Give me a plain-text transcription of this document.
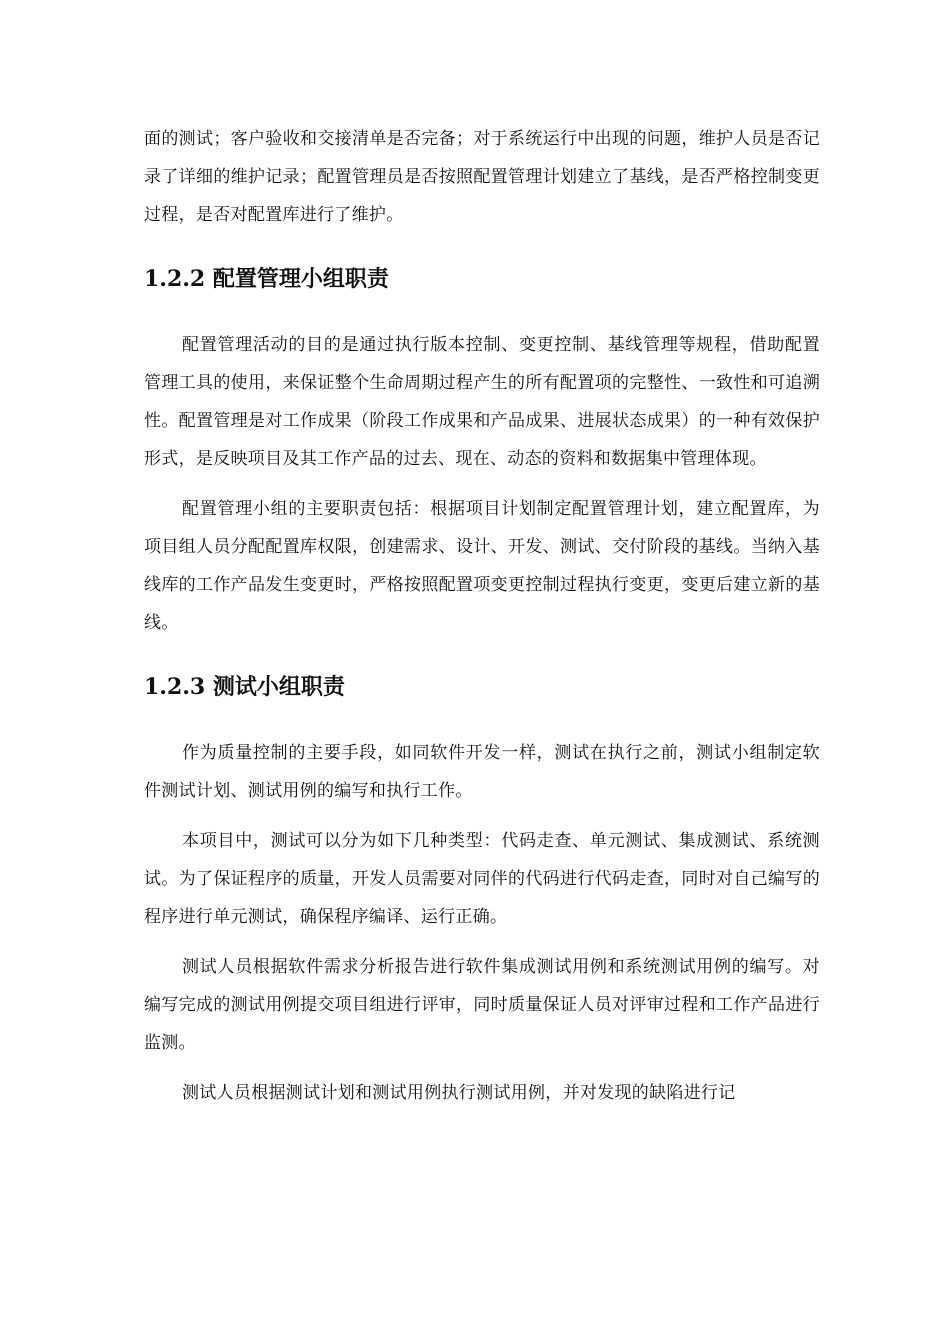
面的测试；客户验收和交接清单是否完备；对于系统运行中出现的问题，维护人员是否记录了详细的维护记录；配置管理员是否按照配置管理计划建立了基线，是否严格控制变更过程，是否对配置库进行了维护。

1.2.2 配置管理小组职责

配置管理活动的目的是通过执行版本控制、变更控制、基线管理等规程，借助配置管理工具的使用，来保证整个生命周期过程产生的所有配置项的完整性、一致性和可追溯性。配置管理是对工作成果（阶段工作成果和产品成果、进展状态成果）的一种有效保护形式，是反映项目及其工作产品的过去、现在、动态的资料和数据集中管理体现。

配置管理小组的主要职责包括：根据项目计划制定配置管理计划，建立配置库，为项目组人员分配配置库权限，创建需求、设计、开发、测试、交付阶段的基线。当纳入基线库的工作产品发生变更时，严格按照配置项变更控制过程执行变更，变更后建立新的基线。

1.2.3 测试小组职责

作为质量控制的主要手段，如同软件开发一样，测试在执行之前，测试小组制定软件测试计划、测试用例的编写和执行工作。

本项目中，测试可以分为如下几种类型：代码走查、单元测试、集成测试、系统测试。为了保证程序的质量，开发人员需要对同伴的代码进行代码走查，同时对自己编写的程序进行单元测试，确保程序编译、运行正确。

测试人员根据软件需求分析报告进行软件集成测试用例和系统测试用例的编写。对编写完成的测试用例提交项目组进行评审，同时质量保证人员对评审过程和工作产品进行监测。

测试人员根据测试计划和测试用例执行测试用例，并对发现的缺陷进行记
